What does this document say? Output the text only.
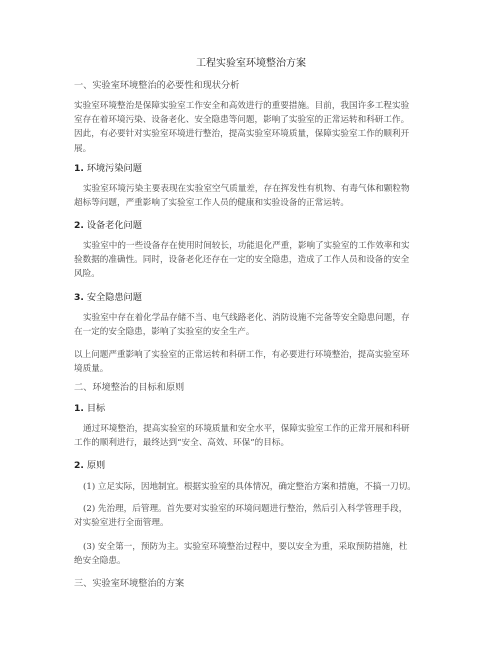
工程实验室环境整治方案
一、实验室环境整治的必要性和现状分析

实验室环境整治是保障实验室工作安全和高效进行的重要措施。目前，我国许多工程实验

室存在着环境污染、设备老化、安全隐患等问题，影响了实验室的正常运转和科研工作。

因此，有必要针对实验室环境进行整治，提高实验室环境质量，保障实验室工作的顺利开

展。

1. 环境污染问题

实验室环境污染主要表现在实验室空气质量差，存在挥发性有机物、有毒气体和颗粒物

超标等问题，严重影响了实验室工作人员的健康和实验设备的正常运转。

2. 设备老化问题

实验室中的一些设备存在使用时间较长，功能退化严重，影响了实验室的工作效率和实

验数据的准确性。同时，设备老化还存在一定的安全隐患，造成了工作人员和设备的安全

风险。

3. 安全隐患问题

实验室中存在着化学品存储不当、电气线路老化、消防设施不完备等安全隐患问题，存

在一定的安全隐患，影响了实验室的安全生产。

以上问题严重影响了实验室的正常运转和科研工作，有必要进行环境整治，提高实验室环

境质量。

二、环境整治的目标和原则
1. 目标

通过环境整治，提高实验室的环境质量和安全水平，保障实验室工作的正常开展和科研

工作的顺利进行，最终达到“安全、高效、环保”的目标。

2. 原则

(1) 立足实际，因地制宜。根据实验室的具体情况，确定整治方案和措施，不搞一刀切。

(2) 先治理，后管理。首先要对实验室的环境问题进行整治，然后引入科学管理手段，

对实验室进行全面管理。

(3) 安全第一，预防为主。实验室环境整治过程中，要以安全为重，采取预防措施，杜

绝安全隐患。

三、实验室环境整治的方案
